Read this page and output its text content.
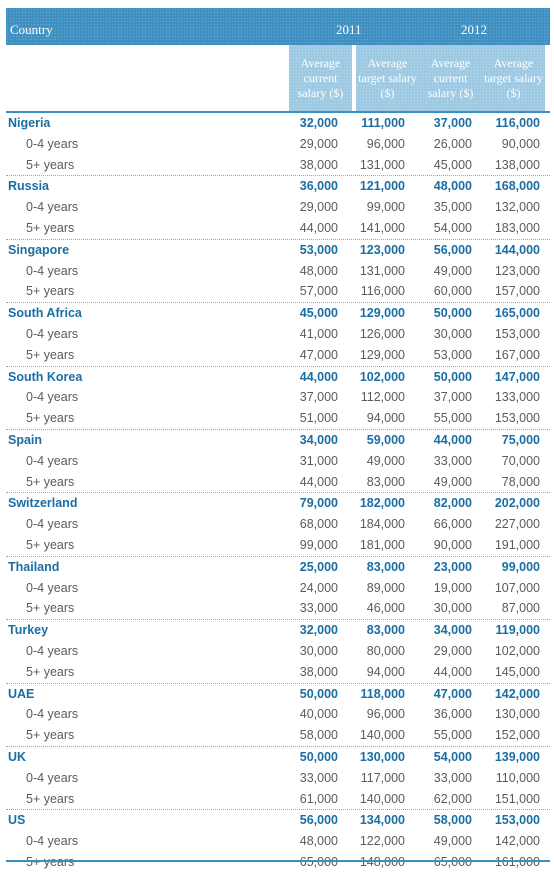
Country	2011	2012
Average current salary ($)
Average target salary ($)
Average current salary ($)
Average target salary ($)
Nigeria	32,000	111,000	37,000	116,000
0-4 years	29,000	96,000	26,000	90,000
5+ years	38,000	131,000	45,000	138,000
Russia	36,000	121,000	48,000	168,000
0-4 years	29,000	99,000	35,000	132,000
5+ years	44,000	141,000	54,000	183,000
Singapore	53,000	123,000	56,000	144,000
0-4 years	48,000	131,000	49,000	123,000
5+ years	57,000	116,000	60,000	157,000
South Africa	45,000	129,000	50,000	165,000
0-4 years	41,000	126,000	30,000	153,000
5+ years	47,000	129,000	53,000	167,000
South Korea	44,000	102,000	50,000	147,000
0-4 years	37,000	112,000	37,000	133,000
5+ years	51,000	94,000	55,000	153,000
Spain	34,000	59,000	44,000	75,000
0-4 years	31,000	49,000	33,000	70,000
5+ years	44,000	83,000	49,000	78,000
Switzerland	79,000	182,000	82,000	202,000
0-4 years	68,000	184,000	66,000	227,000
5+ years	99,000	181,000	90,000	191,000
Thailand	25,000	83,000	23,000	99,000
0-4 years	24,000	89,000	19,000	107,000
5+ years	33,000	46,000	30,000	87,000
Turkey	32,000	83,000	34,000	119,000
0-4 years	30,000	80,000	29,000	102,000
5+ years	38,000	94,000	44,000	145,000
UAE	50,000	118,000	47,000	142,000
0-4 years	40,000	96,000	36,000	130,000
5+ years	58,000	140,000	55,000	152,000
UK	50,000	130,000	54,000	139,000
0-4 years	33,000	117,000	33,000	110,000
5+ years	61,000	140,000	62,000	151,000
US	56,000	134,000	58,000	153,000
0-4 years	48,000	122,000	49,000	142,000
